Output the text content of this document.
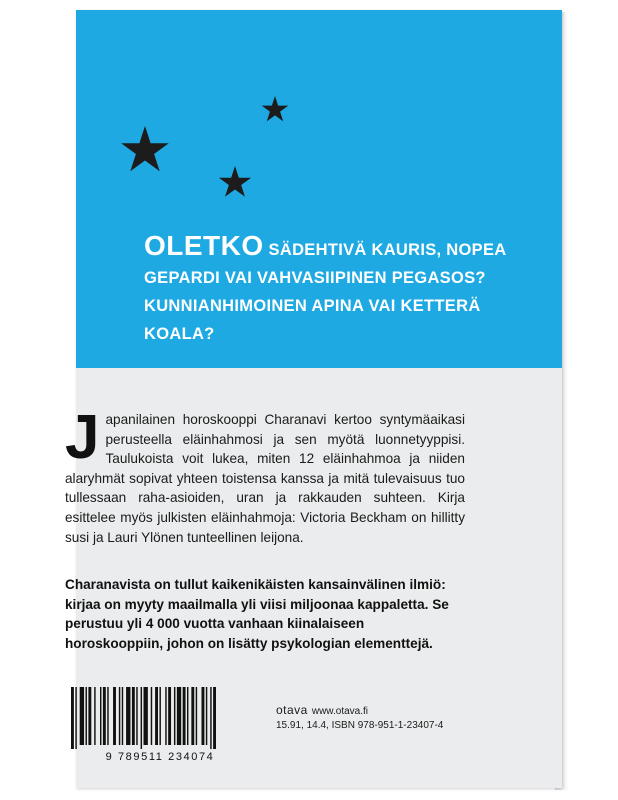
OLETKO SÄDEHTIVÄ KAURIS, NOPEA GEPARDI VAI VAHVASIIPINEN PEGASOS? KUNNIANHIMOINEN APINA VAI KETTERÄ KOALA?

Japanilainen horoskooppi Charanavi kertoo syntymäaikasi perusteella eläinhahmosi ja sen myötä luonnetyyppisi. Taulukoista voit lukea, miten 12 eläinhahmoa ja niiden alaryhmät sopivat yhteen toistensa kanssa ja mitä tulevaisuus tuo tullessaan raha-asioiden, uran ja rakkauden suhteen. Kirja esittelee myös julkisten eläinhahmoja: Victoria Beckham on hillitty susi ja Lauri Ylönen tunteellinen leijona.

Charanavista on tullut kaikenikäisten kansainvälinen ilmiö: kirjaa on myyty maailmalla yli viisi miljoonaa kappaletta. Se perustuu yli 4 000 vuotta vanhaan kiinalaiseen horoskooppiin, johon on lisätty psykologian elementtejä.

9 789511 234074
otava www.otava.fi
15.91, 14.4, ISBN 978-951-1-23407-4
